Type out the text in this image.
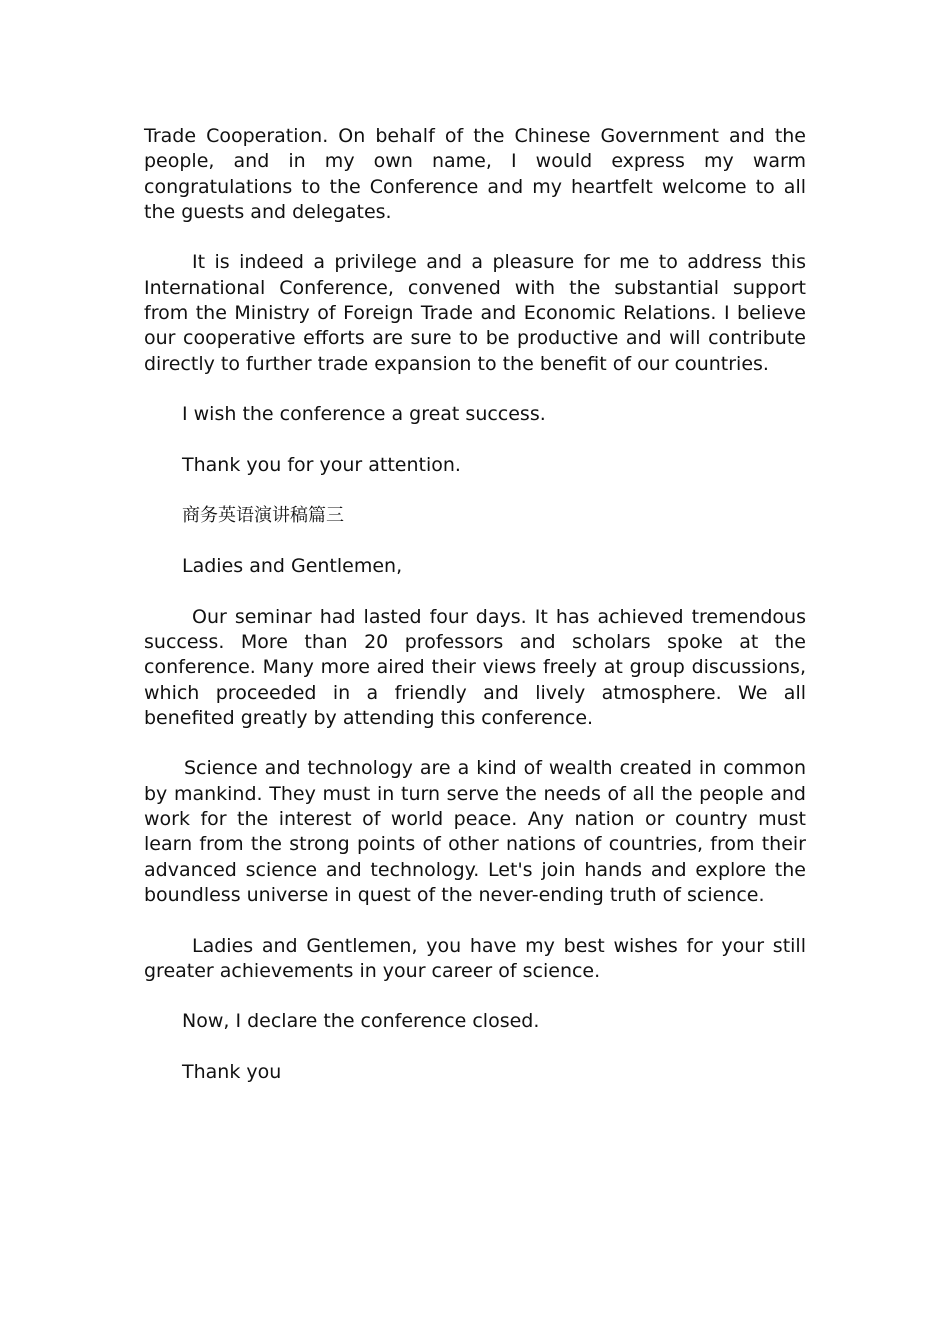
Trade Cooperation. On behalf of the Chinese Government and the people, and in my own name, I would express my warm congratulations to the Conference and my heartfelt welcome to all the guests and delegates.

It is indeed a privilege and a pleasure for me to address this International Conference, convened with the substantial support from the Ministry of Foreign Trade and Economic Relations. I believe our cooperative efforts are sure to be productive and will contribute directly to further trade expansion to the benefit of our countries.

I wish the conference a great success.

Thank you for your attention.

商务英语演讲稿篇三

Ladies and Gentlemen,

Our seminar had lasted four days. It has achieved tremendous success. More than 20 professors and scholars spoke at the conference. Many more aired their views freely at group discussions, which proceeded in a friendly and lively atmosphere. We all benefited greatly by attending this conference.

Science and technology are a kind of wealth created in common by mankind. They must in turn serve the needs of all the people and work for the interest of world peace. Any nation or country must learn from the strong points of other nations of countries, from their advanced science and technology. Let's join hands and explore the boundless universe in quest of the never-ending truth of science.

Ladies and Gentlemen, you have my best wishes for your still greater achievements in your career of science.

Now, I declare the conference closed.

Thank you
